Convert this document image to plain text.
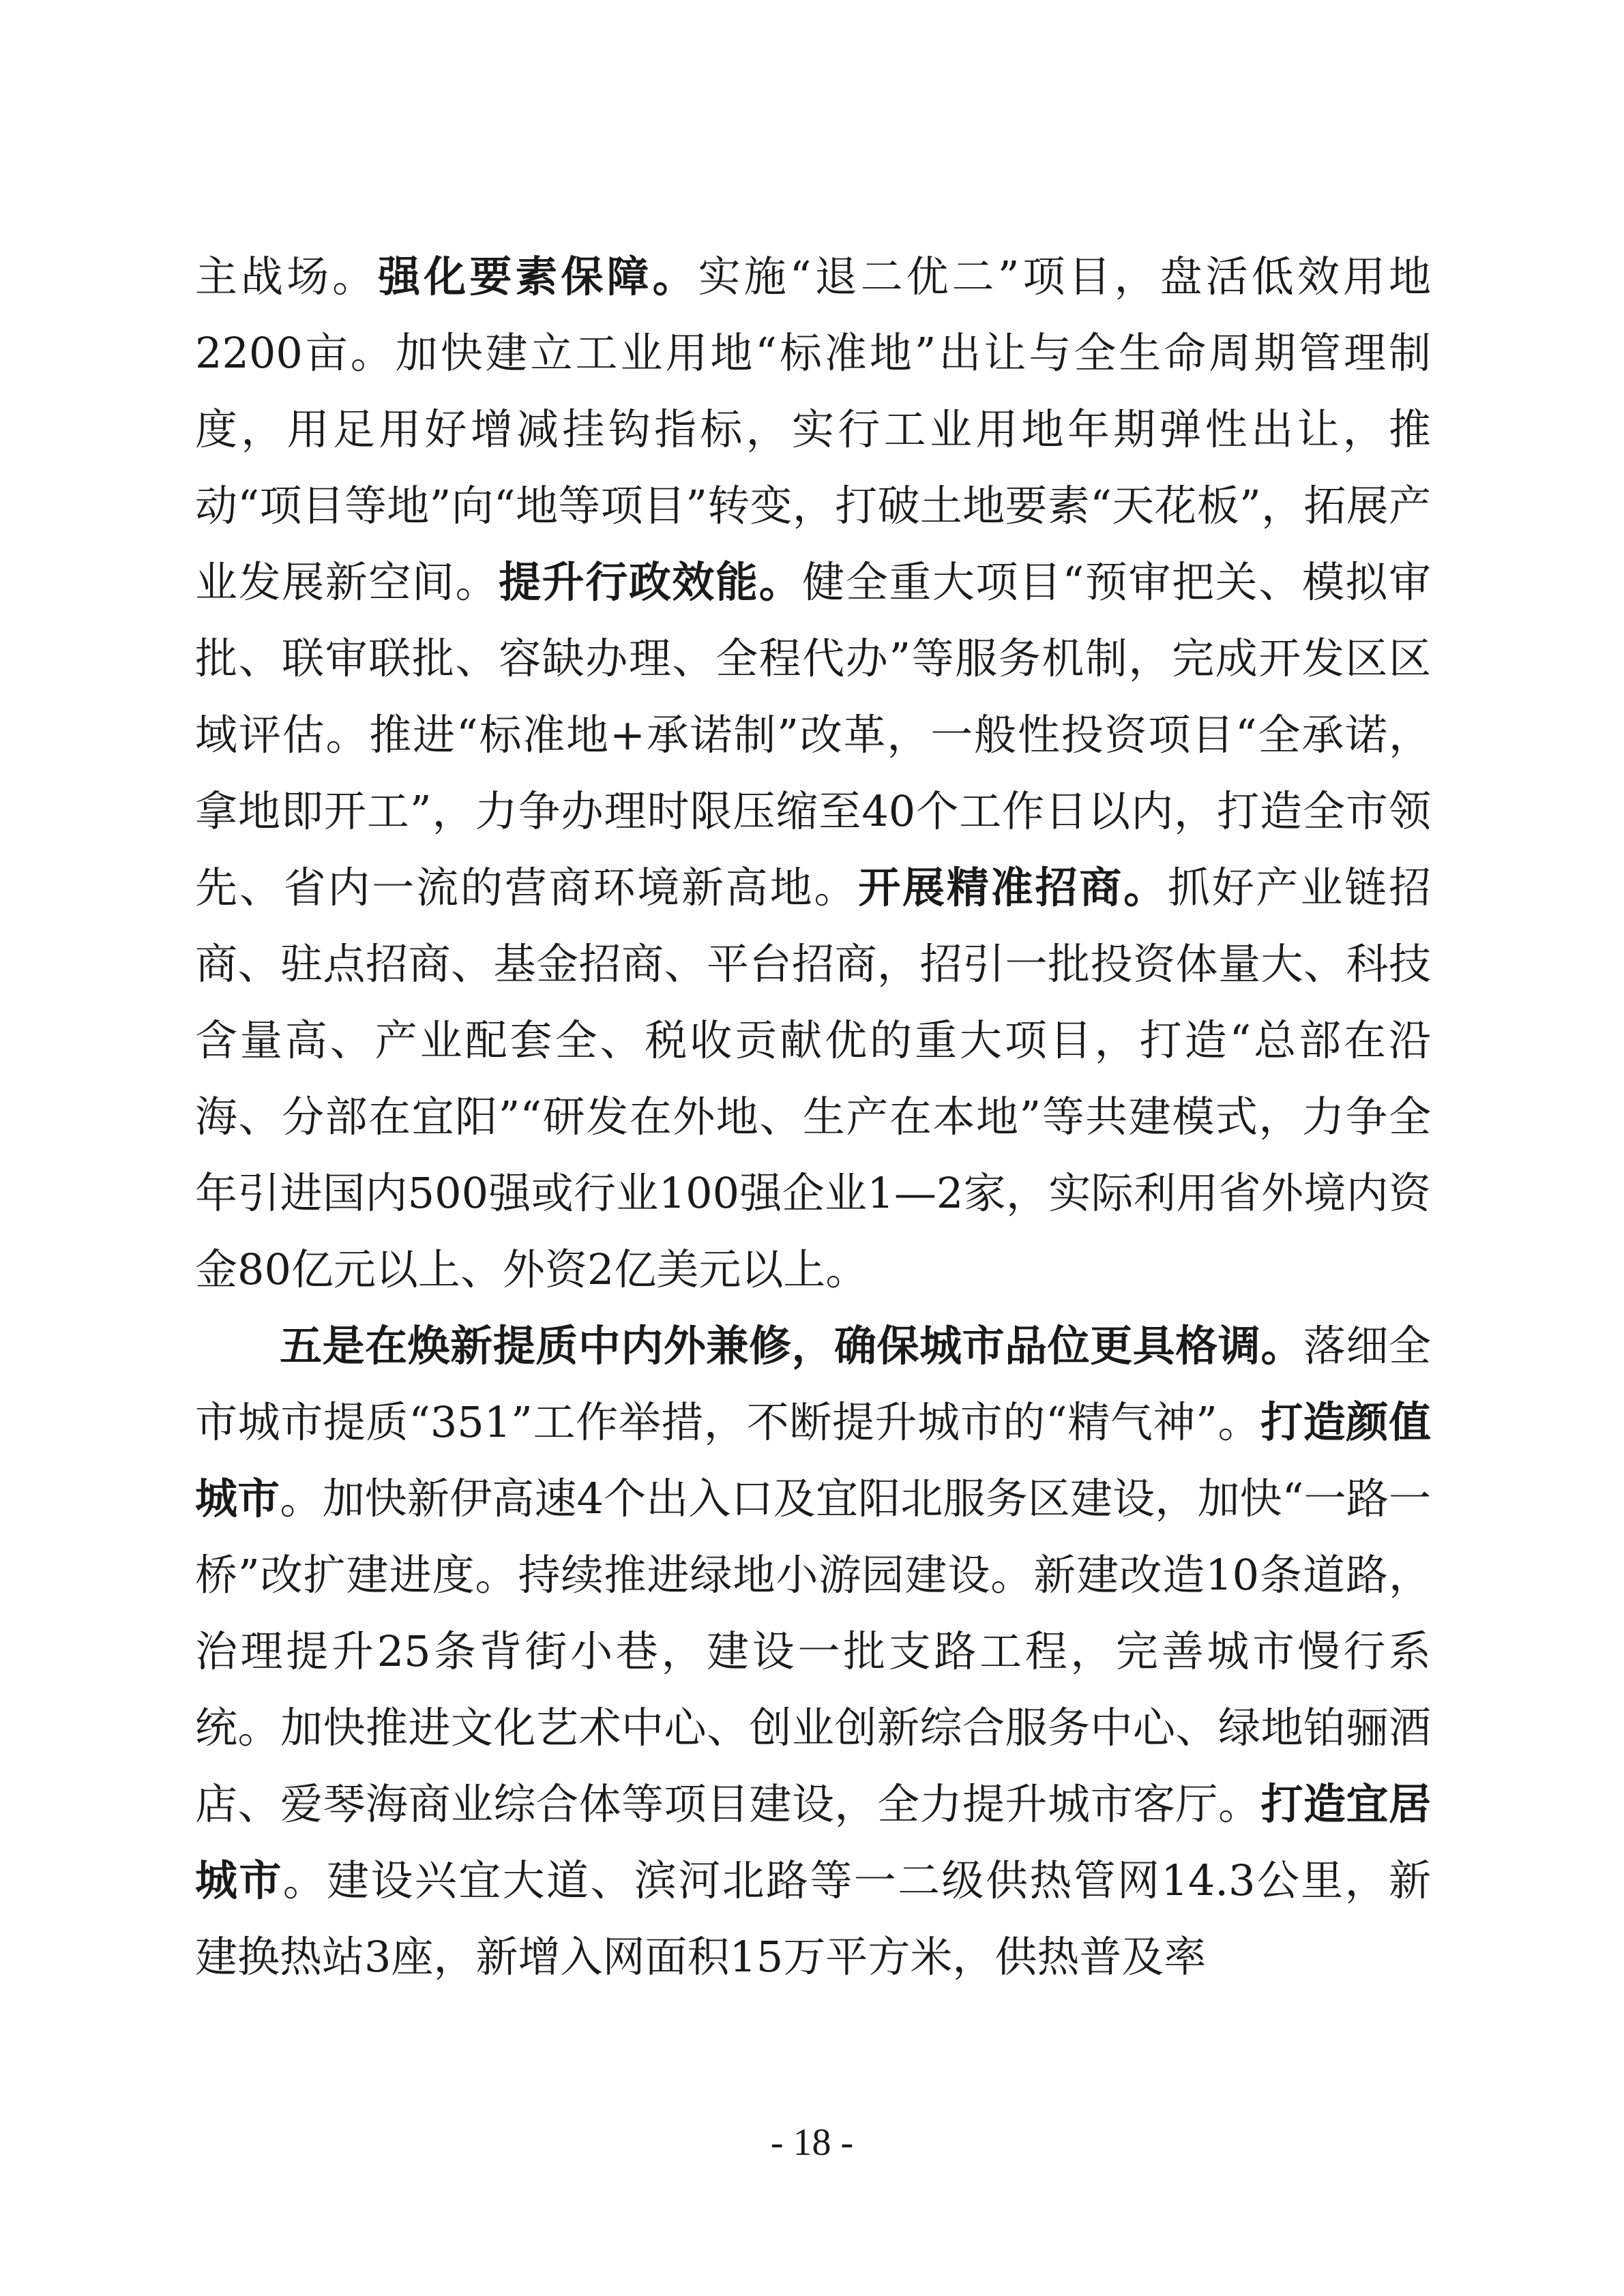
主战场。强化要素保障。实施“退二优二”项目，盘活低效用地2200亩。加快建立工业用地“标准地”出让与全生命周期管理制度，用足用好增减挂钩指标，实行工业用地年期弹性出让，推动“项目等地”向“地等项目”转变，打破土地要素“天花板”，拓展产业发展新空间。提升行政效能。健全重大项目“预审把关、模拟审批、联审联批、容缺办理、全程代办”等服务机制，完成开发区区域评估。推进“标准地+承诺制”改革，一般性投资项目“全承诺，拿地即开工”，力争办理时限压缩至40个工作日以内，打造全市领先、省内一流的营商环境新高地。开展精准招商。抓好产业链招商、驻点招商、基金招商、平台招商，招引一批投资体量大、科技含量高、产业配套全、税收贡献优的重大项目，打造“总部在沿海、分部在宜阳”“研发在外地、生产在本地”等共建模式，力争全年引进国内500强或行业100强企业1—2家，实际利用省外境内资金80亿元以上、外资2亿美元以上。

五是在焕新提质中内外兼修，确保城市品位更具格调。落细全市城市提质“351”工作举措，不断提升城市的“精气神”。打造颜值城市。加快新伊高速4个出入口及宜阳北服务区建设，加快“一路一桥”改扩建进度。持续推进绿地小游园建设。新建改造10条道路，治理提升25条背街小巷，建设一批支路工程，完善城市慢行系统。加快推进文化艺术中心、创业创新综合服务中心、绿地铂骊酒店、爱琴海商业综合体等项目建设，全力提升城市客厅。打造宜居城市。建设兴宜大道、滨河北路等一二级供热管网14.3公里，新建换热站3座，新增入网面积15万平方米，供热普及率

- 18 -
